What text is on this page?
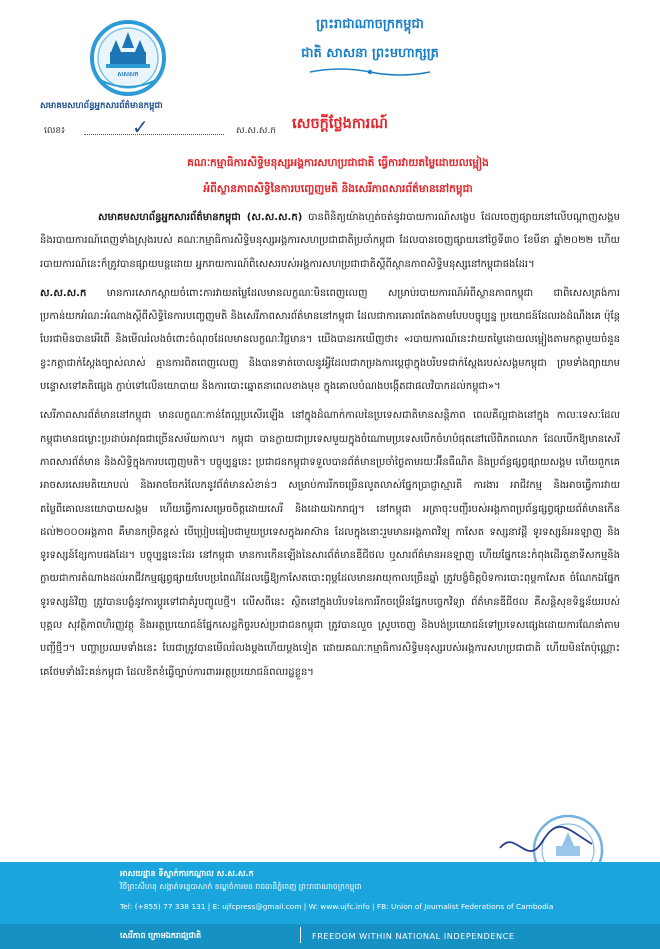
សសសក
សមាគមសហព័ន្ធអ្នកសារព័ត៌មានកម្ពុជា
លេខ៖	✓	ស.ស.ស.ក
ព្រះរាជាណាចក្រកម្ពុជា
ជាតិ សាសនា ព្រះមហាក្សត្រ
សេចក្តីថ្លែងការណ៍
គណៈកម្មាធិការសិទ្ធិមនុស្សអង្គការសហប្រជាជាតិ ធ្វើការវាយតម្លៃដោយលម្អៀង
អំពីស្ថានភាពសិទ្ធិនៃការបញ្ចេញមតិ និងសេរីភាពសារព័ត៌មាននៅកម្ពុជា

សមាគមសហព័ន្ធអ្នកសារព័ត៌មានកម្ពុជា (ស.ស.ស.ក) បានពិនិត្យយ៉ាងហ្មត់ចត់នូវរបាយការណ៍សង្ខេប ដែលចេញផ្សាយនៅលើបណ្តាញសង្គមនិងរបាយការណ៍ពេញទាំងស្រុងរបស់ គណៈកម្មាធិការសិទ្ធិមនុស្សអង្គការសហប្រជាជាតិប្រចាំកម្ពុជា ដែលបានចេញផ្សាយនៅថ្ងៃទី៣០ ខែមីនា ឆ្នាំ២០២២ ហើយរបាយការណ៍នេះក៏ត្រូវបានផ្សាយបន្តដោយ អ្នករាយការណ៍ពិសេសរបស់អង្គការសហប្រជាជាតិស្តីពីស្ថានភាពសិទ្ធិមនុស្សនៅកម្ពុជាផងដែរ។

ស.ស.ស.ក មានការសោកស្តាយចំពោះការវាយតម្លៃដែលមានលក្ខណៈមិនពេញលេញ សម្រាប់របាយការណ៍អំពីស្ថានភាពកម្ពុជា ជាពិសេសត្រង់ការប្រកាន់យកអំណះអំណាងស្តីពីសិទ្ធិនៃការបញ្ចេញមតិ និងសេរីភាពសារព័ត៌មាននៅកម្ពុជា ដែលជាការគោរពតែងតាមបែបបច្ចុប្បន្ន ប្រយោជន៍ដែលរងដំណឹងគេ ប៉ុន្តែបែរជាមិនបានអើពើ និងមើលរំលងចំពោះចំណុចដែលមានលក្ខណៈវិជ្ជមាន។ យើងបានរកឃើញថា៖ «របាយការណ៍នេះវាយតម្លៃដោយលម្អៀងតាមកត្តាមួយចំនួនខ្វះកត្តាជាក់ស្តែងច្បាស់លាស់ គ្មានការពិតពេញលេញ និងបានទាត់ចោលនូវអ្វីដែលជាកម្រងការប្តេជ្ញាក្នុងបរិបទជាក់ស្តែងរបស់សង្គមកម្ពុជា ព្រមទាំងព្យាយាមបន្ទោសទៅគតិផ្សេង ភ្ជាប់ទៅលើនយោបាយ និងការបោះឆ្នោតនាពេលខាងមុខ ក្នុងគោលបំណងបង្កើតជាផលវិបាកដល់កម្ពុជា»។

សេរីភាពសារព័ត៌មាននៅកម្ពុជា មានលក្ខណៈកាន់តែល្អប្រសើរឡើង នៅក្នុងដំណាក់កាលនៃប្រទេសជាតិមានសន្តិភាព ពេលគឺល្អជាងនៅក្នុង កាលៈទេសៈដែលកម្ពុជាមានជម្លោះប្រដាប់អាវុធជាច្រើនសម័យកាល។ កម្ពុជា បានក្លាយជាប្រទេសមួយក្នុងចំណោមប្រទេសបើកចំហបំផុតនៅលើពិភពលោក ដែលបើកឱ្យមានសេរីភាពសារព័ត៌មាន និងសិទ្ធិក្នុងការបញ្ចេញមតិ។ បច្ចុប្បន្ននេះ ប្រជាជនកម្ពុជាទទួលបានព័ត៌មានប្រចាំថ្ងៃតាមរយៈអ៊ីនធឺណិត និងប្រព័ន្ធផ្សព្វផ្សាយសង្គម ហើយពួកគេអាចសរសេរមតិយោបល់ និងអាចចែករំលែកនូវព័ត៌មានសំខាន់ៗ សម្រាប់ការរីកចម្រើនលូតលាស់ផ្នែកប្រាជ្ញាស្មារតី ការងារ អាជីវកម្ម និងអាចធ្វើការវាយតម្លៃពីគោលនយោបាយសង្គម ហើយធ្វើការសម្រេចចិត្តដោយសេរី និងដោយឯករាជ្យ។ នៅកម្ពុជា អត្រាចុះបញ្ជីរបស់អង្គភាពប្រព័ន្ធផ្សព្វផ្សាយព័ត៌មានកើនដល់២០០០អង្គភាព គឺមានកម្រិតខ្ពស់ បើប្រៀបធៀបជាមួយប្រទេសក្នុងអាស៊ាន ដែលក្នុងនោះរួមមានអង្គភាពវិទ្យុ កាសែត ទស្សនាវដ្តី ទូរទស្សន៍អនឡាញ និងទូរទស្សន៍ខ្សែកាបផងដែរ។ បច្ចុប្បន្ននេះដែរ នៅកម្ពុជា មានការកើនឡើងនៃសារព័ត៌មានឌីជីថល ឬសារព័ត៌មានអនឡាញ ហើយផ្នែកនេះកំពុងដើរតួនាទីសកម្មនិងក្លាយជាការតំណាងដល់អាជីវកម្មផ្សព្វផ្សាយបែបប្រពៃណីដែលធ្វើឱ្យកាសែតបោះពុម្ពដែលមានអាយុកាលច្រើនឆ្នាំ ត្រូវបង្ខំចិត្តបិទការបោះពុម្ពកាសែត ចំណែកឯផ្នែកទូរទស្សន៍វិញ ត្រូវបានបង្ខំនូវការប្តូរទៅជាគំរូបញ្ចូលថ្មី។ លើសពីនេះ ស្ថិតនៅក្នុងបរិបទនៃការរីកចម្រើនផ្នែកបច្ចេកវិទ្យា ព័ត៌មានឌីជីថល គឺសន្តិសុខទិន្នន័យរបស់បុគ្គល សុវត្ថិភាពហិរញ្ញវត្ថុ និងអត្ថប្រយោជន៍ផ្នែកសេដ្ឋកិច្ចរបស់ប្រជាជនកម្ពុជា ត្រូវបានលួច ស្រូបចេញ និងបង់ប្រយោជន៍ទៅប្រទេសផ្សេងដោយការណែនាំតាមបញ្ជីថ្មីៗ។ បញ្ហាប្រឈមទាំងនេះ បែរជាត្រូវបានមើលរំលងម្តងហើយម្តងទៀត ដោយគណៈកម្មាធិការសិទ្ធិមនុស្សរបស់អង្គការសហប្រជាជាតិ ហើយមិនតែប៉ុណ្ណោះគេថែមទាំងរិះគន់កម្ពុជា ដែលខិតខំធ្វើច្បាប់ការពារអត្ថប្រយោជន៍ពលរដ្ឋខ្លួន។

អាសយដ្ឋាន ទីស្នាក់ការកណ្តាល ស.ស.ស.ក
វិថីព្រះសីហនុ សង្កាត់ទន្លេបាសាក់ ខណ្ឌចំការមន រាជធានីភ្នំពេញ ព្រះរាជាណាចក្រកម្ពុជា
Tel: (+855) 77 338 131 | E: ujfcpress@gmail.com | W: www.ujfc.info | FB: Union of Journalist Federations of Cambodia
សេរីភាព ក្រោមឯករាជ្យជាតិ	FREEDOM WITHIN NATIONAL INDEPENDENCE
